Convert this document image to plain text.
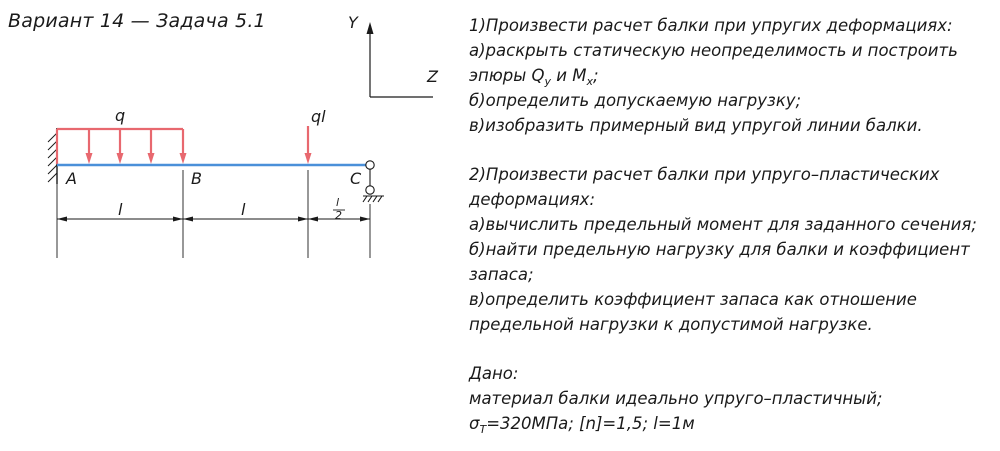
Вариант 14 — Задача 5.1	Y
Z
q	ql
A	B	C
l	l	l
2
1)Произвести расчет балки при упругих деформациях:
а)раскрыть статическую неопределимость и построить
эпюры $Q_y$ и $M_x$;
б)определить допускаемую нагрузку;
в)изобразить примерный вид упругой линии балки.
2)Произвести расчет балки при упруго–пластических
деформациях:
а)вычислить предельный момент для заданного сечения;
б)найти предельную нагрузку для балки и коэффициент
запаса;
в)определить коэффициент запаса как отношение
предельной нагрузки к допустимой нагрузке.
Дано:
материал балки идеально упруго–пластичный;
$\sigma_T=320МПа$; [n]=1,5; l=1м
